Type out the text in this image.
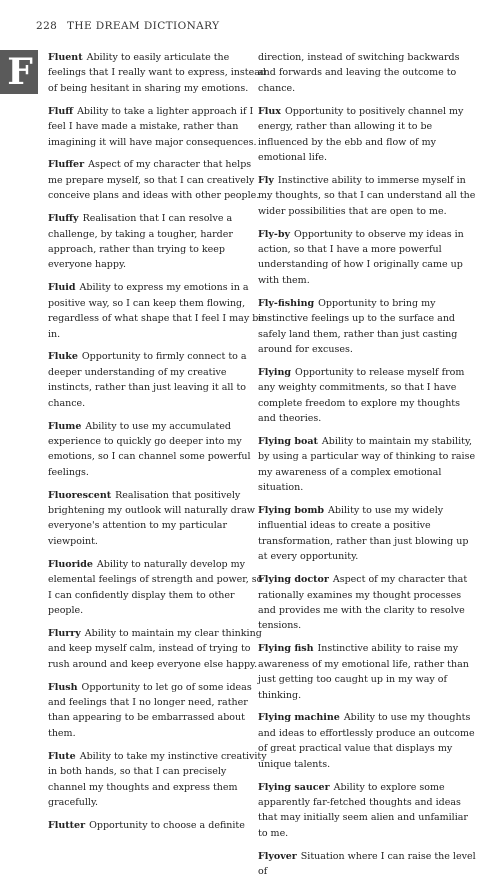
228 THE DREAM DICTIONARY
F Fluent Ability to easily articulate the feelings that I really want to express, instead of being hesitant in sharing my emotions.

Fluff Ability to take a lighter approach if I feel I have made a mistake, rather than imagining it will have major consequences.

Fluffer Aspect of my character that helps me prepare myself, so that I can creatively conceive plans and ideas with other people.

Fluffy Realisation that I can resolve a challenge, by taking a tougher, harder approach, rather than trying to keep everyone happy.

Fluid Ability to express my emotions in a positive way, so I can keep them flowing, regardless of what shape that I feel I may be in.

Fluke Opportunity to firmly connect to a deeper understanding of my creative instincts, rather than just leaving it all to chance.

Flume Ability to use my accumulated experience to quickly go deeper into my emotions, so I can channel some powerful feelings.

Fluorescent Realisation that positively brightening my outlook will naturally draw everyone's attention to my particular viewpoint.

Fluoride Ability to naturally develop my elemental feelings of strength and power, so I can confidently display them to other people.

Flurry Ability to maintain my clear thinking and keep myself calm, instead of trying to rush around and keep everyone else happy.

Flush Opportunity to let go of some ideas and feelings that I no longer need, rather than appearing to be embarrassed about them.

Flute Ability to take my instinctive creativity in both hands, so that I can precisely channel my thoughts and express them gracefully.

Flutter Opportunity to choose a definite

direction, instead of switching backwards and forwards and leaving the outcome to chance.

Flux Opportunity to positively channel my energy, rather than allowing it to be influenced by the ebb and flow of my emotional life.

Fly Instinctive ability to immerse myself in my thoughts, so that I can understand all the wider possibilities that are open to me.

Fly-by Opportunity to observe my ideas in action, so that I have a more powerful understanding of how I originally came up with them.

Fly-fishing Opportunity to bring my instinctive feelings up to the surface and safely land them, rather than just casting around for excuses.

Flying Opportunity to release myself from any weighty commitments, so that I have complete freedom to explore my thoughts and theories.

Flying boat Ability to maintain my stability, by using a particular way of thinking to raise my awareness of a complex emotional situation.

Flying bomb Ability to use my widely influential ideas to create a positive transformation, rather than just blowing up at every opportunity.

Flying doctor Aspect of my character that rationally examines my thought processes and provides me with the clarity to resolve tensions.

Flying fish Instinctive ability to raise my awareness of my emotional life, rather than just getting too caught up in my way of thinking.

Flying machine Ability to use my thoughts and ideas to effortlessly produce an outcome of great practical value that displays my unique talents.

Flying saucer Ability to explore some apparently far-fetched thoughts and ideas that may initially seem alien and unfamiliar to me.

Flyover Situation where I can raise the level of
